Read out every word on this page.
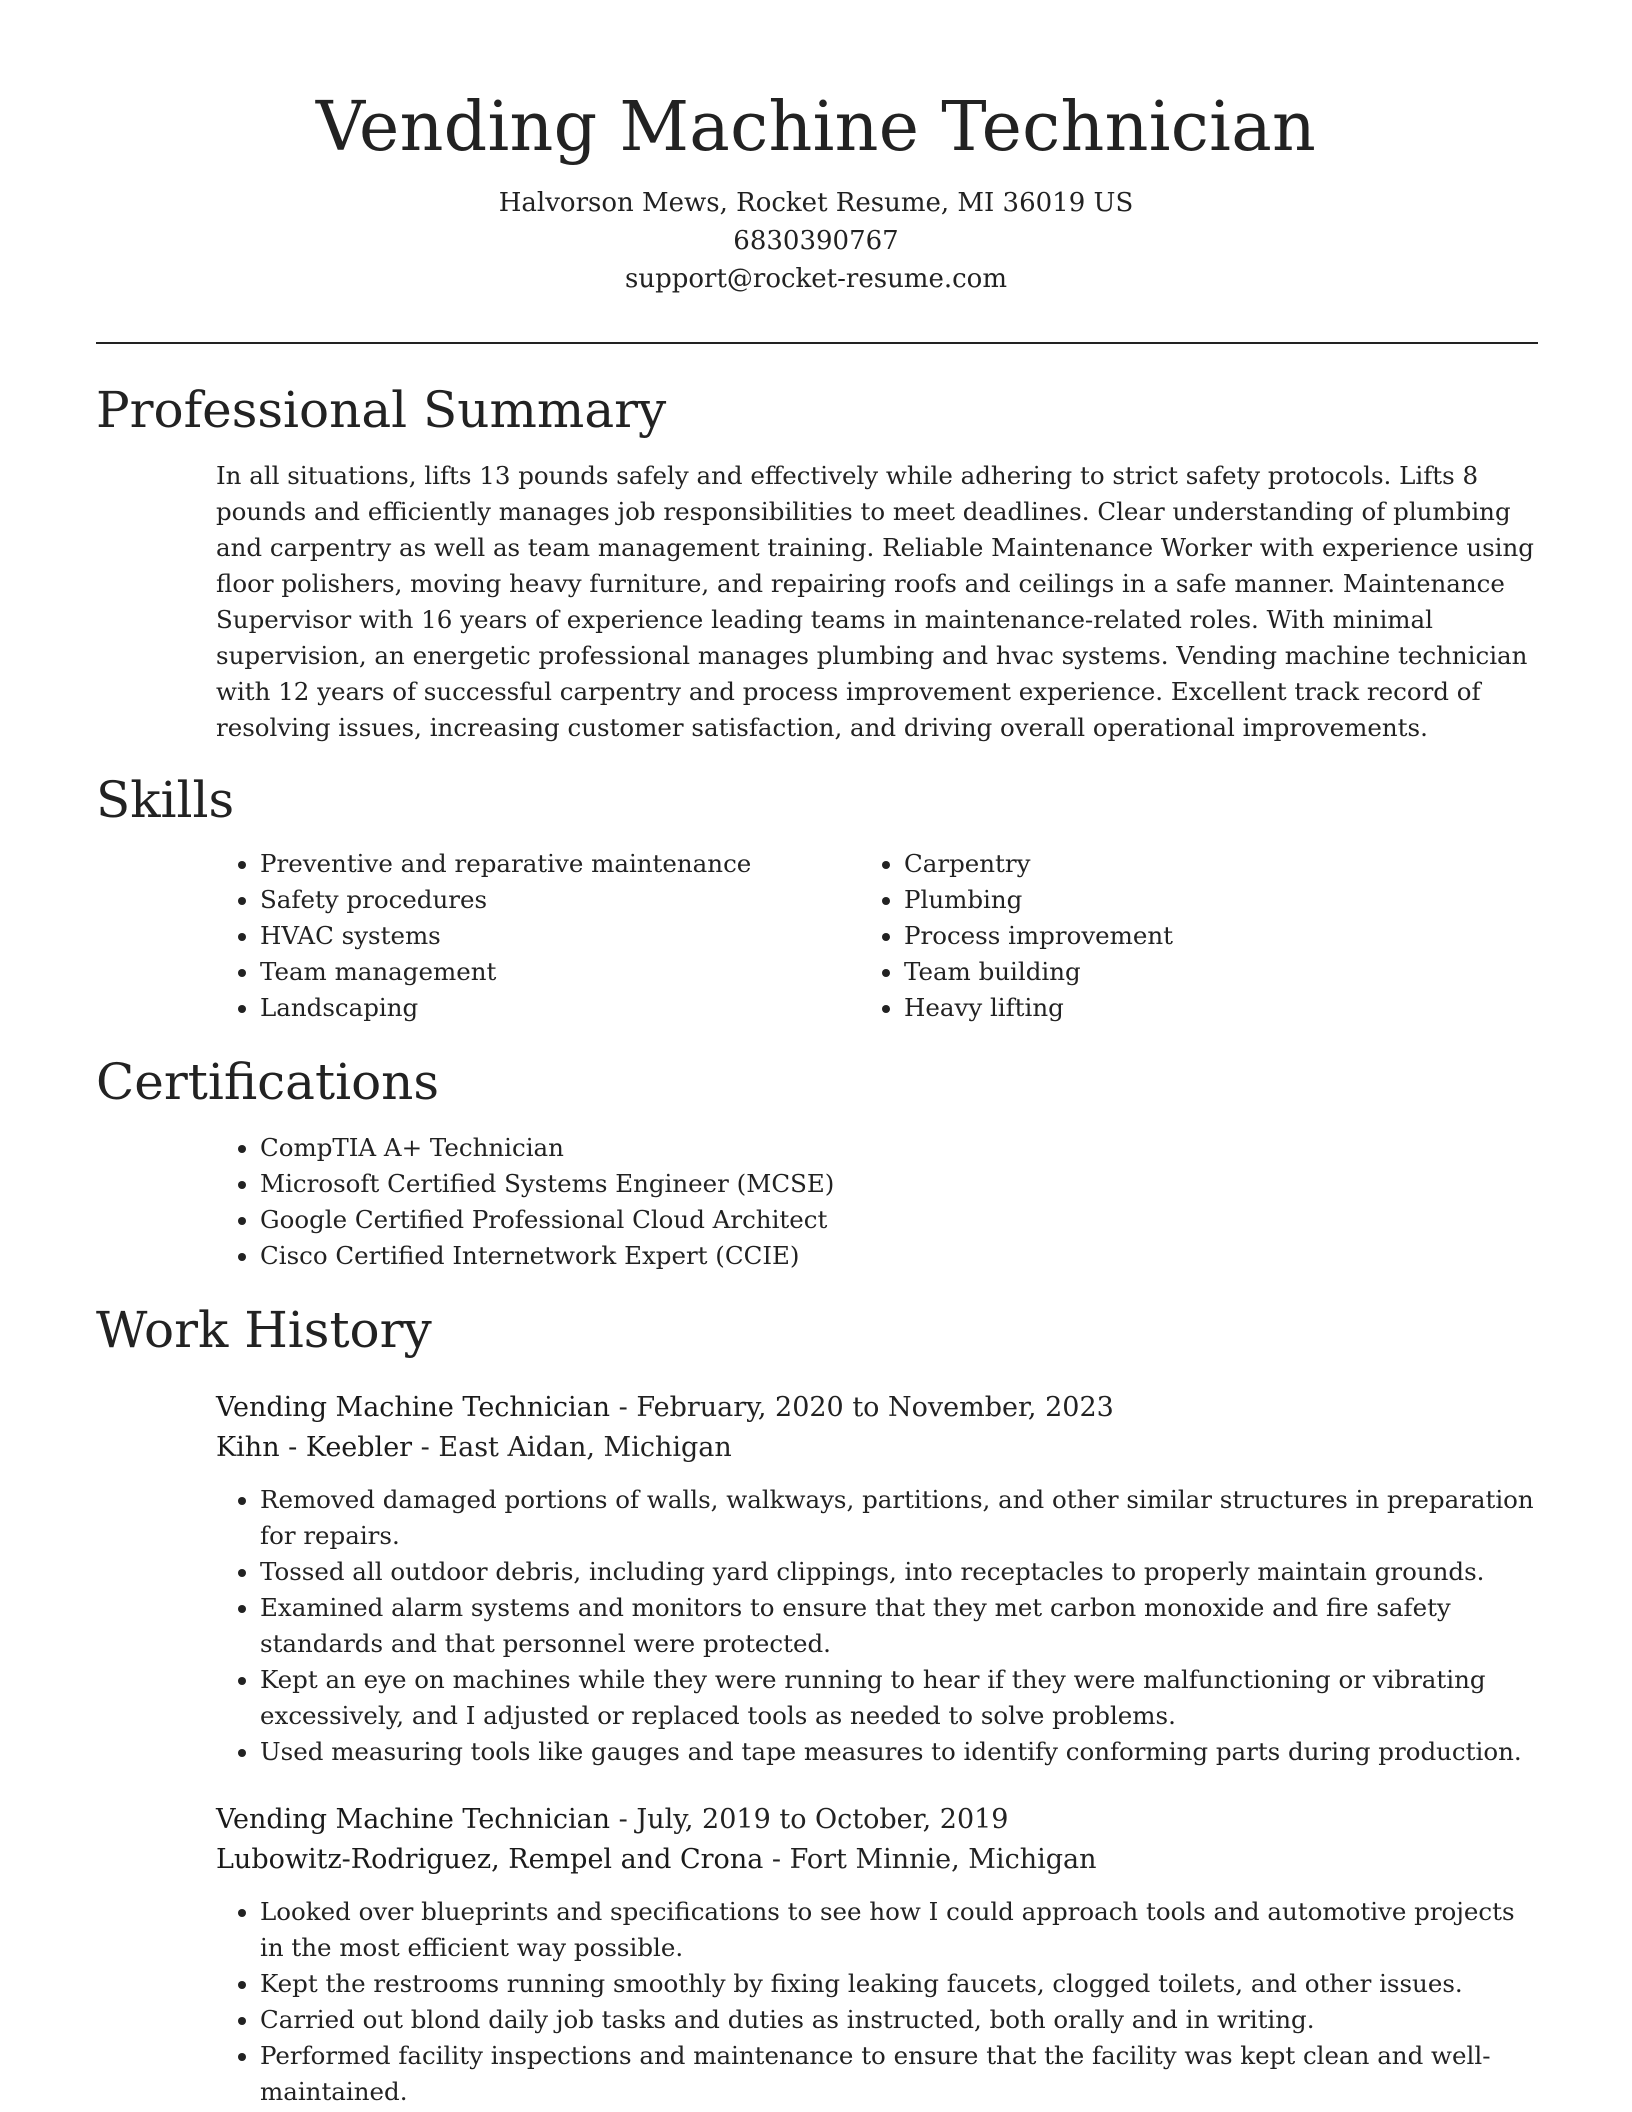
Vending Machine Technician

Halvorson Mews, Rocket Resume, MI 36019 US

6830390767

support@rocket-resume.com

Professional Summary

In all situations, lifts 13 pounds safely and effectively while adhering to strict safety protocols. Lifts 8 pounds and efficiently manages job responsibilities to meet deadlines. Clear understanding of plumbing and carpentry as well as team management training. Reliable Maintenance Worker with experience using floor polishers, moving heavy furniture, and repairing roofs and ceilings in a safe manner. Maintenance Supervisor with 16 years of experience leading teams in maintenance-related roles. With minimal supervision, an energetic professional manages plumbing and hvac systems. Vending machine technician with 12 years of successful carpentry and process improvement experience. Excellent track record of resolving issues, increasing customer satisfaction, and driving overall operational improvements.

Skills
• Preventive and reparative maintenance
• Safety procedures
• HVAC systems
• Team management
• Landscaping
• Carpentry
• Plumbing
• Process improvement
• Team building
• Heavy lifting
Certifications
• CompTIA A+ Technician
• Microsoft Certified Systems Engineer (MCSE)
• Google Certified Professional Cloud Architect
• Cisco Certified Internetwork Expert (CCIE)
Work History
Vending Machine Technician - February, 2020 to November, 2023
Kihn - Keebler - East Aidan, Michigan
• Removed damaged portions of walls, walkways, partitions, and other similar structures in preparation for repairs.
• Tossed all outdoor debris, including yard clippings, into receptacles to properly maintain grounds.
• Examined alarm systems and monitors to ensure that they met carbon monoxide and fire safety standards and that personnel were protected.
• Kept an eye on machines while they were running to hear if they were malfunctioning or vibrating excessively, and I adjusted or replaced tools as needed to solve problems.
• Used measuring tools like gauges and tape measures to identify conforming parts during production.
Vending Machine Technician - July, 2019 to October, 2019
Lubowitz-Rodriguez, Rempel and Crona - Fort Minnie, Michigan
• Looked over blueprints and specifications to see how I could approach tools and automotive projects in the most efficient way possible.
• Kept the restrooms running smoothly by fixing leaking faucets, clogged toilets, and other issues.
• Carried out blond daily job tasks and duties as instructed, both orally and in writing.
• Performed facility inspections and maintenance to ensure that the facility was kept clean and well-maintained.
